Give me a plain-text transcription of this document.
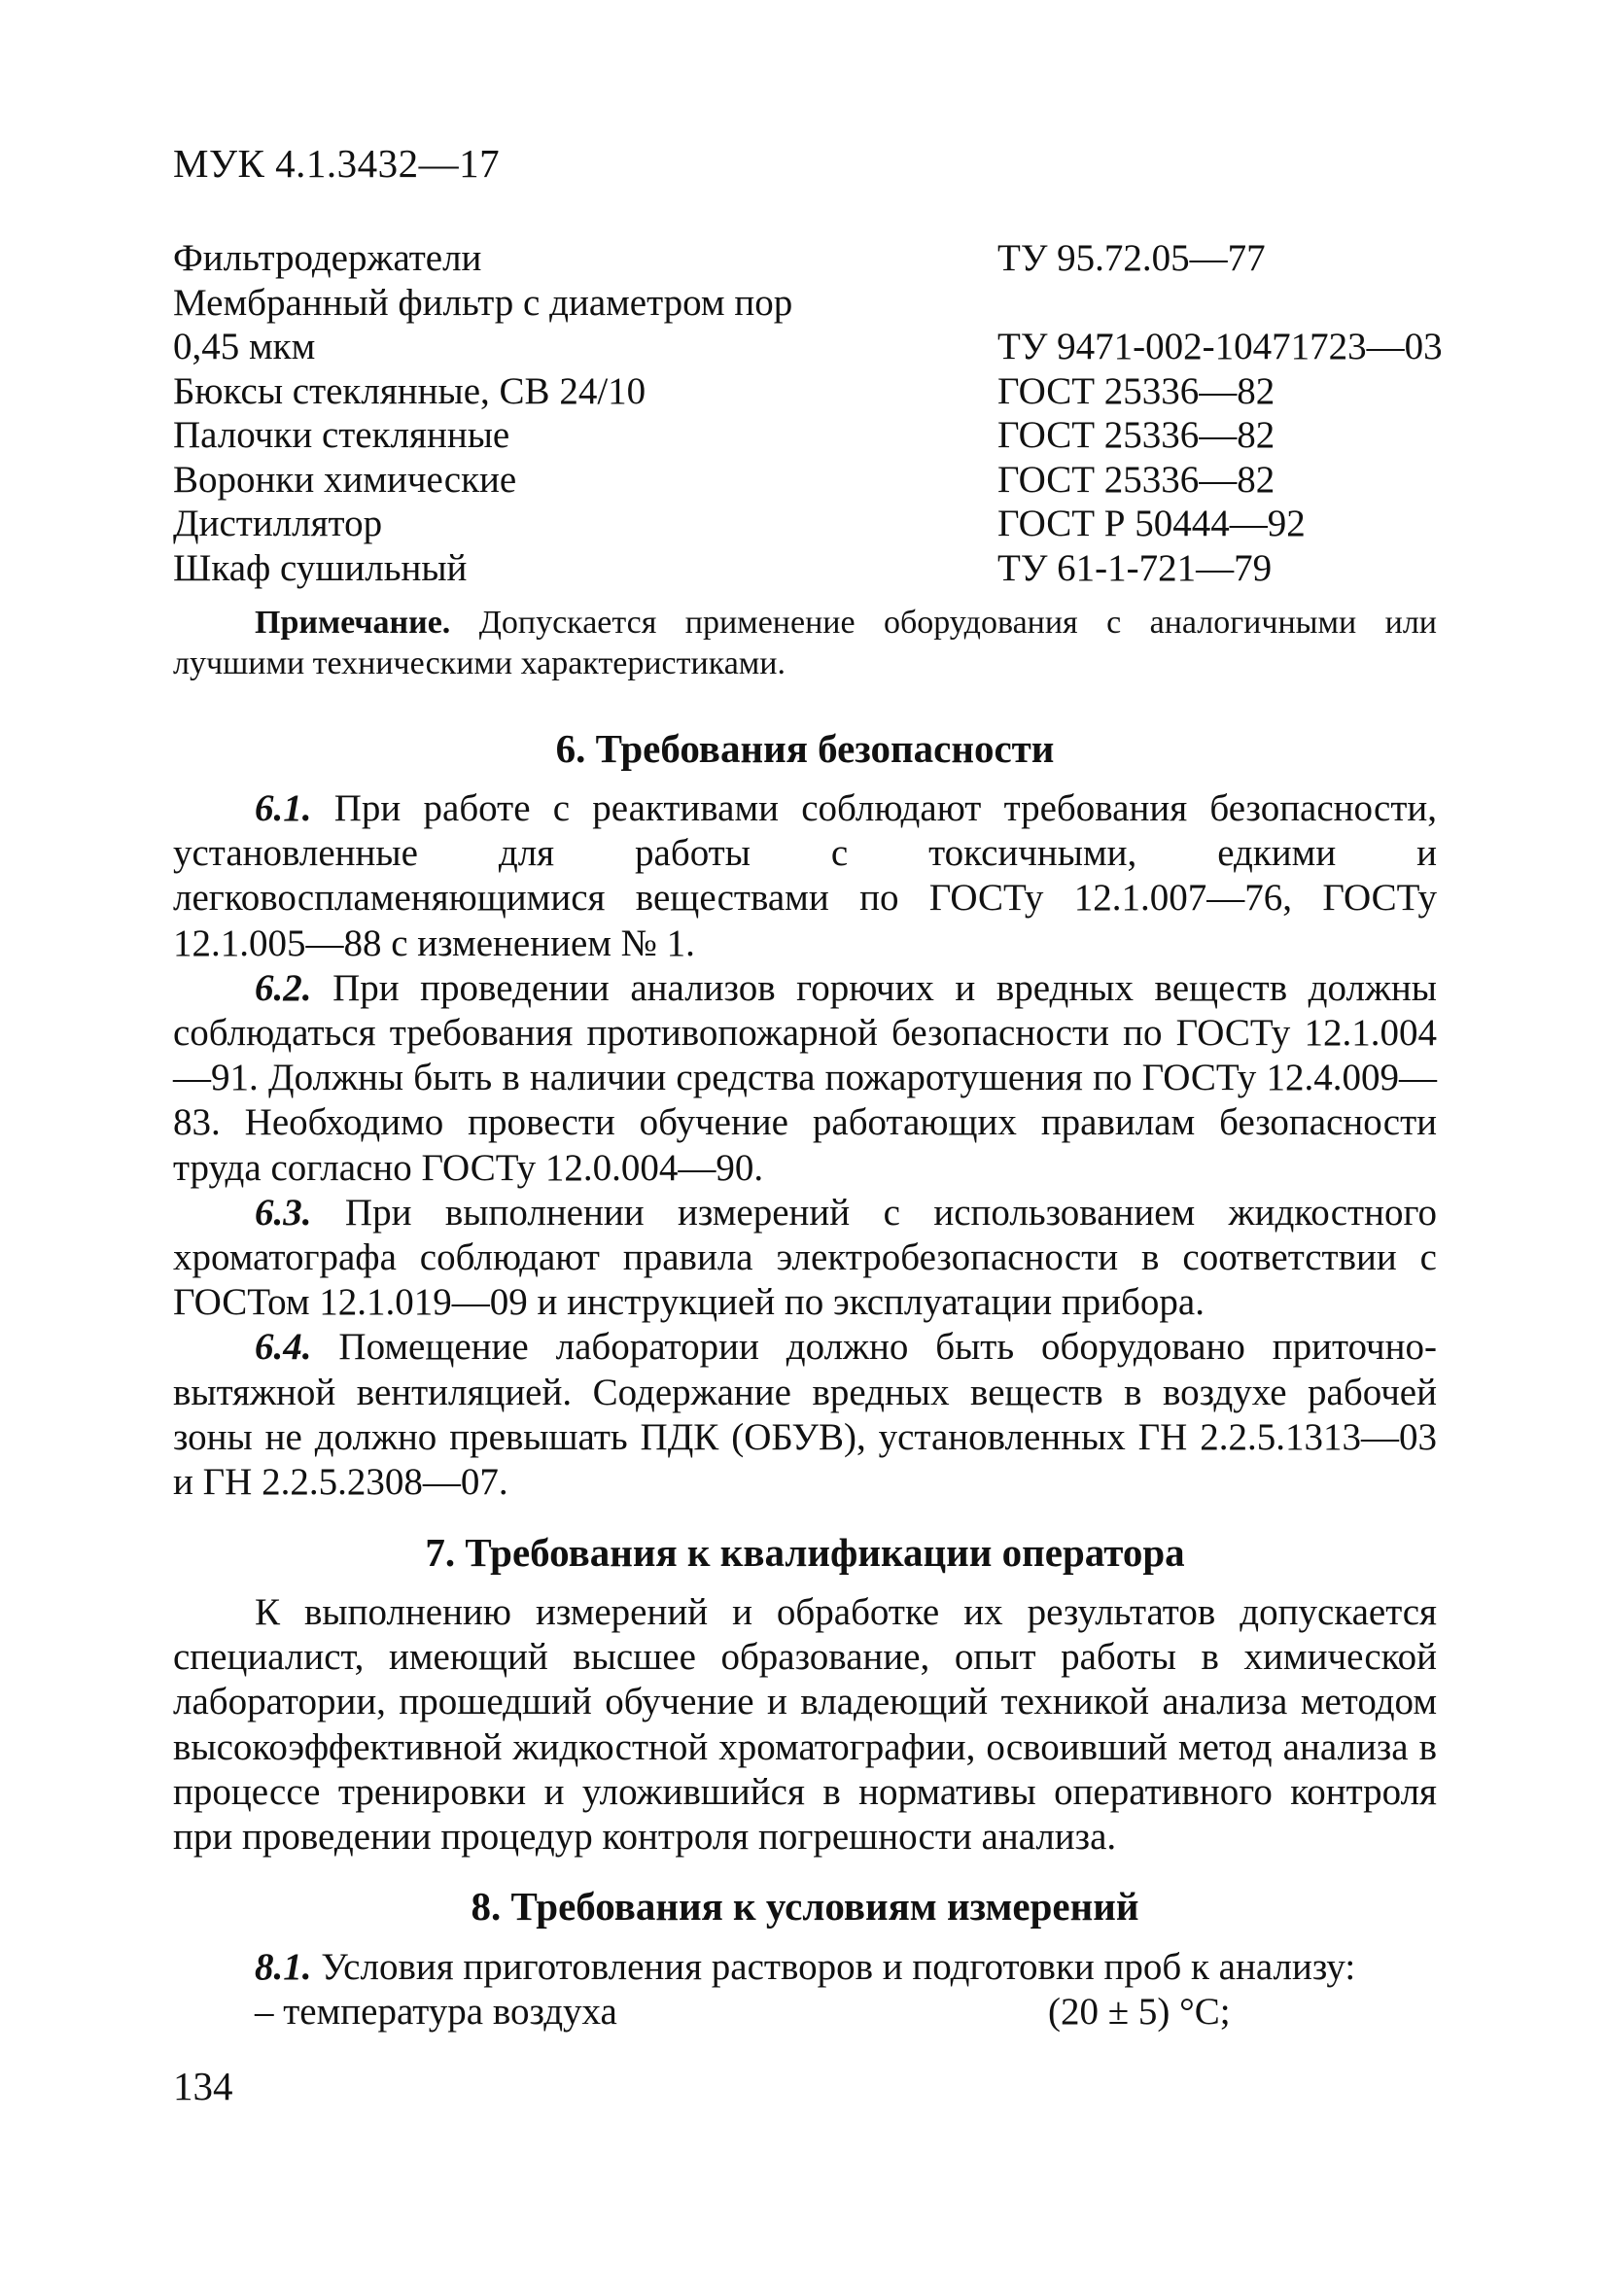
МУК 4.1.3432—17
Фильтродержатели	ТУ 95.72.05—77
Мембранный фильтр с диаметром пор
0,45 мкм	ТУ 9471-002-10471723—03
Бюксы стеклянные, СВ 24/10	ГОСТ 25336—82
Палочки стеклянные	ГОСТ 25336—82
Воронки химические	ГОСТ 25336—82
Дистиллятор	ГОСТ Р 50444—92
Шкаф сушильный	ТУ 61-1-721—79
Примечание. Допускается применение оборудования с аналогичными или лучшими техническими характеристиками.
6. Требования безопасности

6.1. При работе с реактивами соблюдают требования безопасности, установленные для работы с токсичными, едкими и легковоспламеняющимися веществами по ГОСТу 12.1.007—76, ГОСТу 12.1.005—88 с изменением № 1.

6.2. При проведении анализов горючих и вредных веществ должны соблюдаться требования противопожарной безопасности по ГОСТу 12.1.004—91. Должны быть в наличии средства пожаротушения по ГОСТу 12.4.009—83. Необходимо провести обучение работающих правилам безопасности труда согласно ГОСТу 12.0.004—90.

6.3. При выполнении измерений с использованием жидкостного хроматографа соблюдают правила электробезопасности в соответствии с ГОСТом 12.1.019—09 и инструкцией по эксплуатации прибора.

6.4. Помещение лаборатории должно быть оборудовано приточно-вытяжной вентиляцией. Содержание вредных веществ в воздухе рабочей зоны не должно превышать ПДК (ОБУВ), установленных ГН 2.2.5.1313—03 и ГН 2.2.5.2308—07.

7. Требования к квалификации оператора

К выполнению измерений и обработке их результатов допускается специалист, имеющий высшее образование, опыт работы в химической лаборатории, прошедший обучение и владеющий техникой анализа методом высокоэффективной жидкостной хроматографии, освоивший метод анализа в процессе тренировки и уложившийся в нормативы оперативного контроля при проведении процедур контроля погрешности анализа.

8. Требования к условиям измерений

8.1. Условия приготовления растворов и подготовки проб к анализу:

– температура воздуха	(20 ± 5) °C;
134
